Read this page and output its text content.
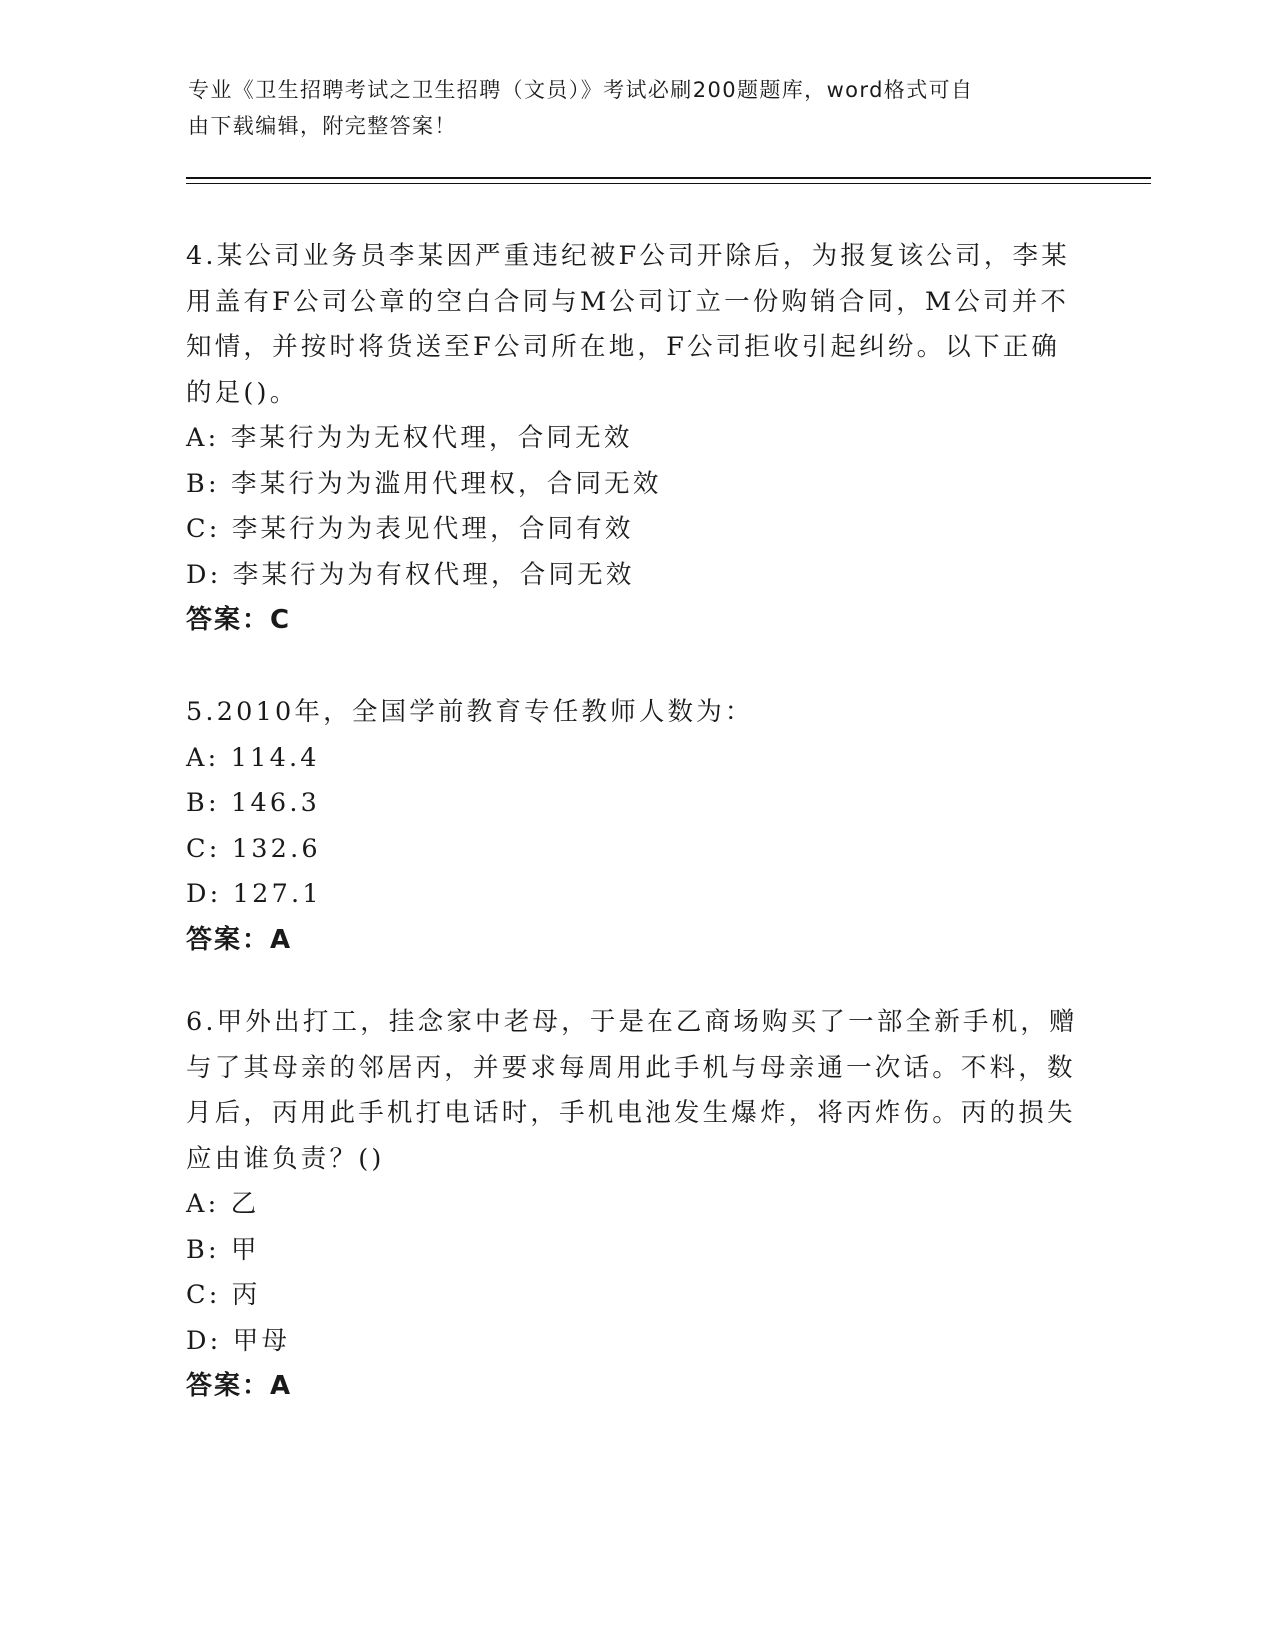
专业《卫生招聘考试之卫生招聘（文员）》考试必刷200题题库，word格式可自
由下载编辑，附完整答案！
4.某公司业务员李某因严重违纪被F公司开除后，为报复该公司，李某用盖有F公司公章的空白合同与M公司订立一份购销合同，M公司并不知情，并按时将货送至F公司所在地，F公司拒收引起纠纷。以下正确的足()。
A: 李某行为为无权代理，合同无效
B: 李某行为为滥用代理权，合同无效
C: 李某行为为表见代理，合同有效
D: 李某行为为有权代理，合同无效
答案：C
5.2010年，全国学前教育专任教师人数为：
A: 114.4
B: 146.3
C: 132.6
D: 127.1
答案：A
6.甲外出打工，挂念家中老母，于是在乙商场购买了一部全新手机，赠与了其母亲的邻居丙，并要求每周用此手机与母亲通一次话。不料，数月后，丙用此手机打电话时，手机电池发生爆炸，将丙炸伤。丙的损失应由谁负责？()
A: 乙
B: 甲
C: 丙
D: 甲母
答案：A
